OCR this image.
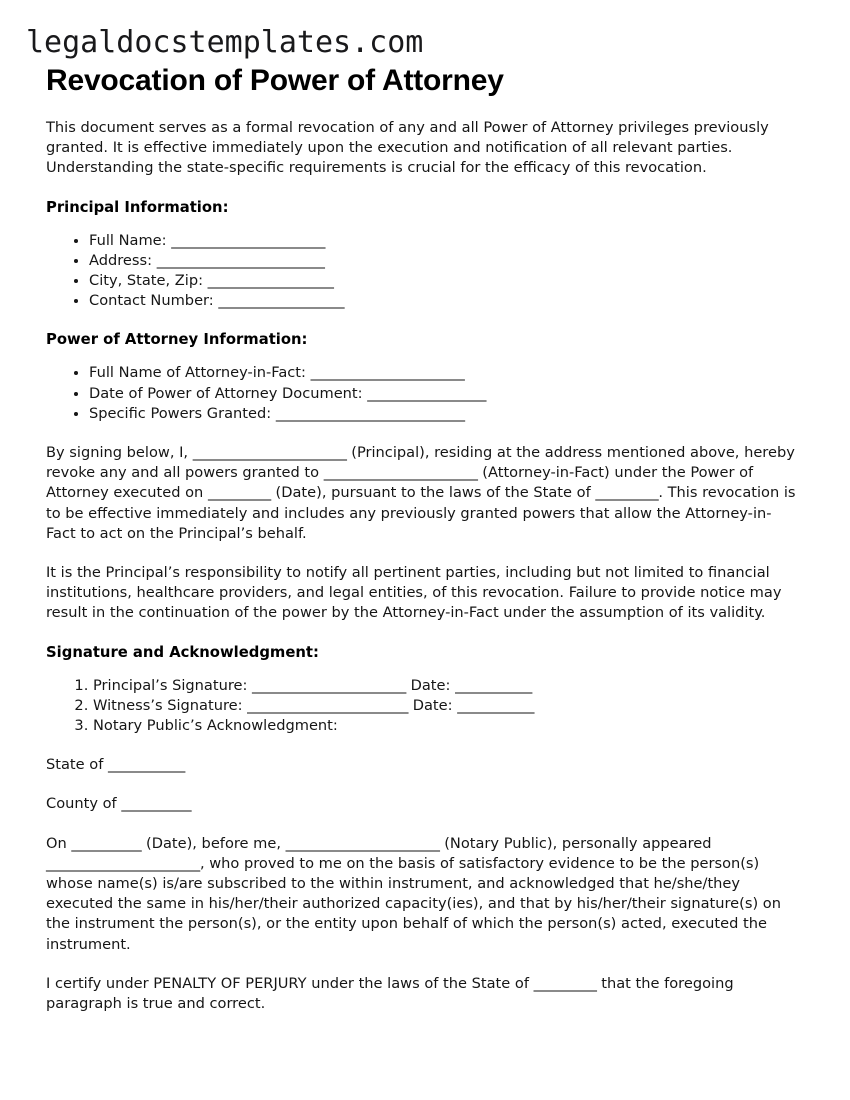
legaldocstemplates.com
Revocation of Power of Attorney

This document serves as a formal revocation of any and all Power of Attorney privileges previously granted. It is effective immediately upon the execution and notification of all relevant parties. Understanding the state-specific requirements is crucial for the efficacy of this revocation.

Principal Information:
• Full Name: ______________________
• Address: ________________________
• City, State, Zip: __________________
• Contact Number: __________________
Power of Attorney Information:
• Full Name of Attorney-in-Fact: ______________________
• Date of Power of Attorney Document: _________________
• Specific Powers Granted: ___________________________

By signing below, I, ______________________ (Principal), residing at the address mentioned above, hereby revoke any and all powers granted to ______________________ (Attorney-in-Fact) under the Power of Attorney executed on _________ (Date), pursuant to the laws of the State of _________. This revocation is to be effective immediately and includes any previously granted powers that allow the Attorney-in-Fact to act on the Principal’s behalf.

It is the Principal’s responsibility to notify all pertinent parties, including but not limited to financial institutions, healthcare providers, and legal entities, of this revocation. Failure to provide notice may result in the continuation of the power by the Attorney-in-Fact under the assumption of its validity.

Signature and Acknowledgment:
1. Principal’s Signature: ______________________ Date: ___________
2. Witness’s Signature: _______________________ Date: ___________
3. Notary Public’s Acknowledgment:

State of ___________

County of __________

On __________ (Date), before me, ______________________ (Notary Public), personally appeared ______________________, who proved to me on the basis of satisfactory evidence to be the person(s) whose name(s) is/are subscribed to the within instrument, and acknowledged that he/she/they executed the same in his/her/their authorized capacity(ies), and that by his/her/their signature(s) on the instrument the person(s), or the entity upon behalf of which the person(s) acted, executed the instrument.

I certify under PENALTY OF PERJURY under the laws of the State of _________ that the foregoing paragraph is true and correct.
